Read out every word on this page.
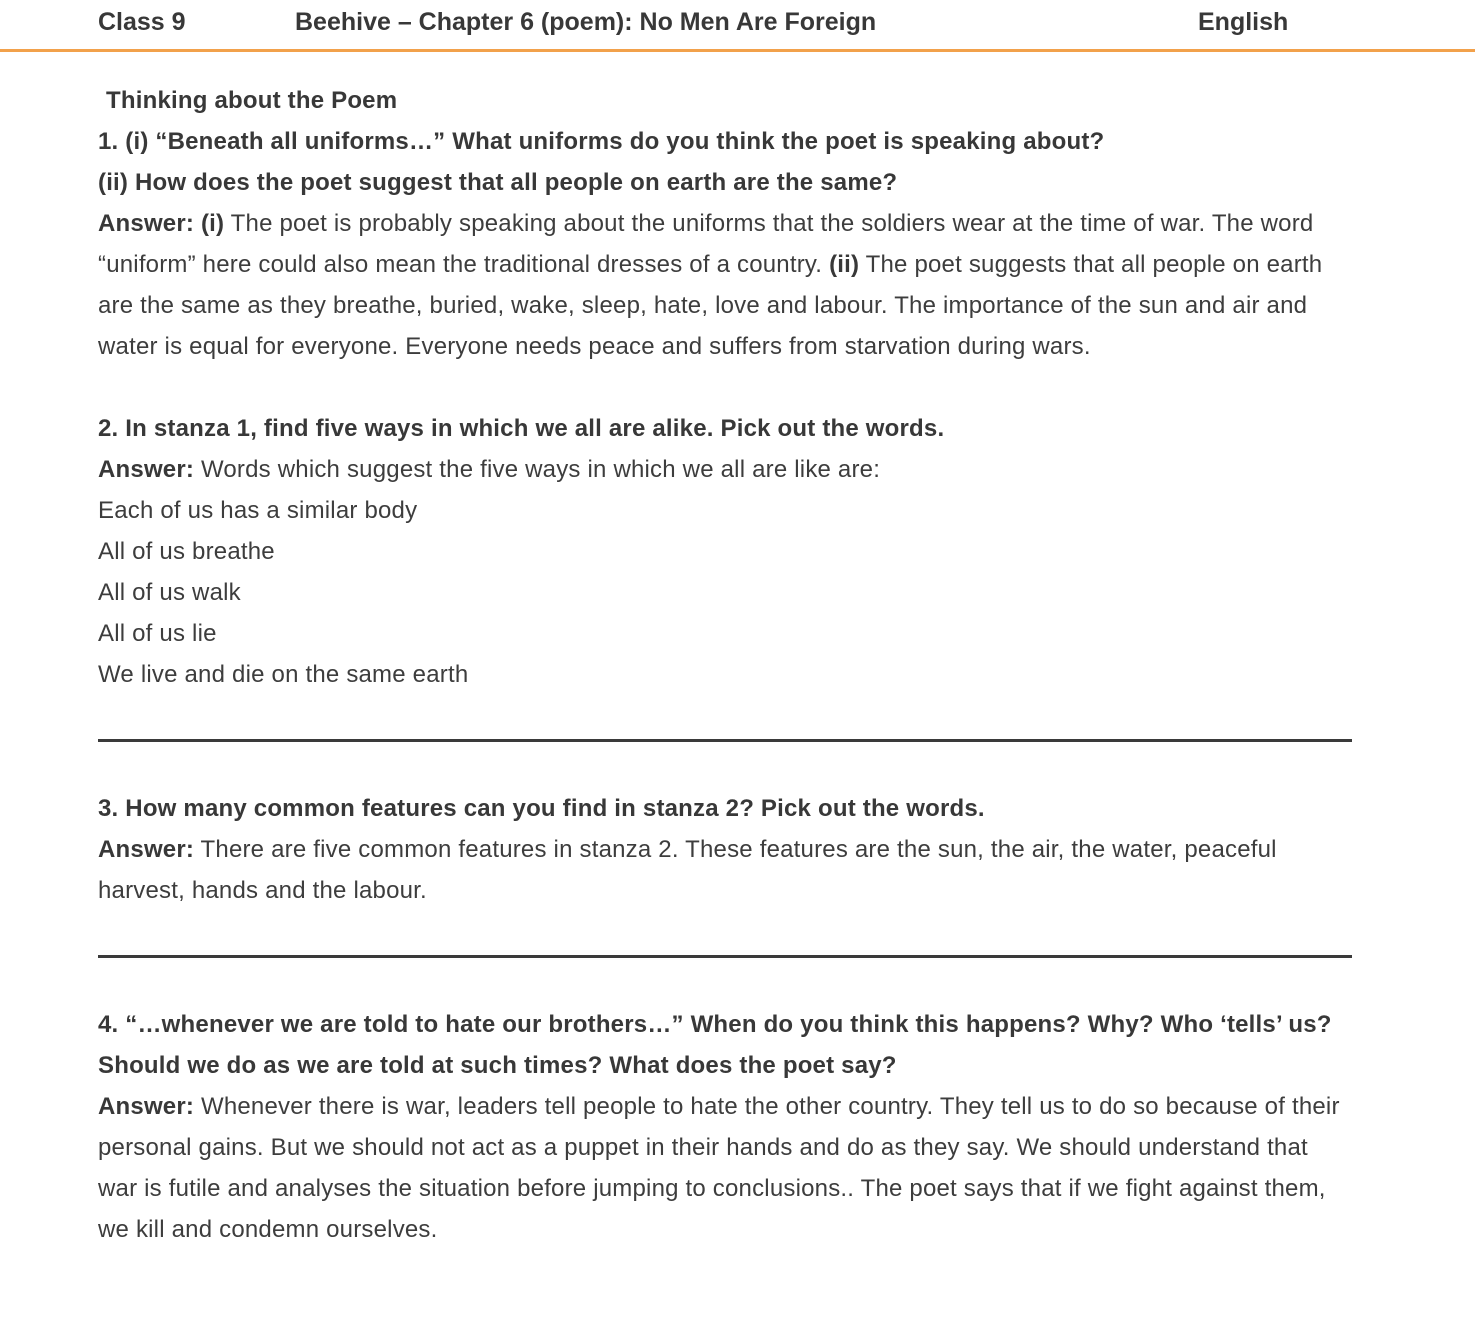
Class 9	Beehive – Chapter 6 (poem): No Men Are Foreign	English

Thinking about the Poem

1. (i) “Beneath all uniforms…” What uniforms do you think the poet is speaking about?
(ii) How does the poet suggest that all people on earth are the same?

Answer: (i) The poet is probably speaking about the uniforms that the soldiers wear at the time of war. The word “uniform” here could also mean the traditional dresses of a country. (ii) The poet suggests that all people on earth are the same as they breathe, buried, wake, sleep, hate, love and labour. The importance of the sun and air and water is equal for everyone. Everyone needs peace and suffers from starvation during wars.

2. In stanza 1, find five ways in which we all are alike. Pick out the words.

Answer: Words which suggest the five ways in which we all are like are:

Each of us has a similar body
All of us breathe
All of us walk
All of us lie
We live and die on the same earth

3. How many common features can you find in stanza 2? Pick out the words.

Answer: There are five common features in stanza 2. These features are the sun, the air, the water, peaceful harvest, hands and the labour.

4. “…whenever we are told to hate our brothers…” When do you think this happens? Why? Who ‘tells’ us? Should we do as we are told at such times? What does the poet say?

Answer: Whenever there is war, leaders tell people to hate the other country. They tell us to do so because of their personal gains. But we should not act as a puppet in their hands and do as they say. We should understand that war is futile and analyses the situation before jumping to conclusions.. The poet says that if we fight against them, we kill and condemn ourselves.
